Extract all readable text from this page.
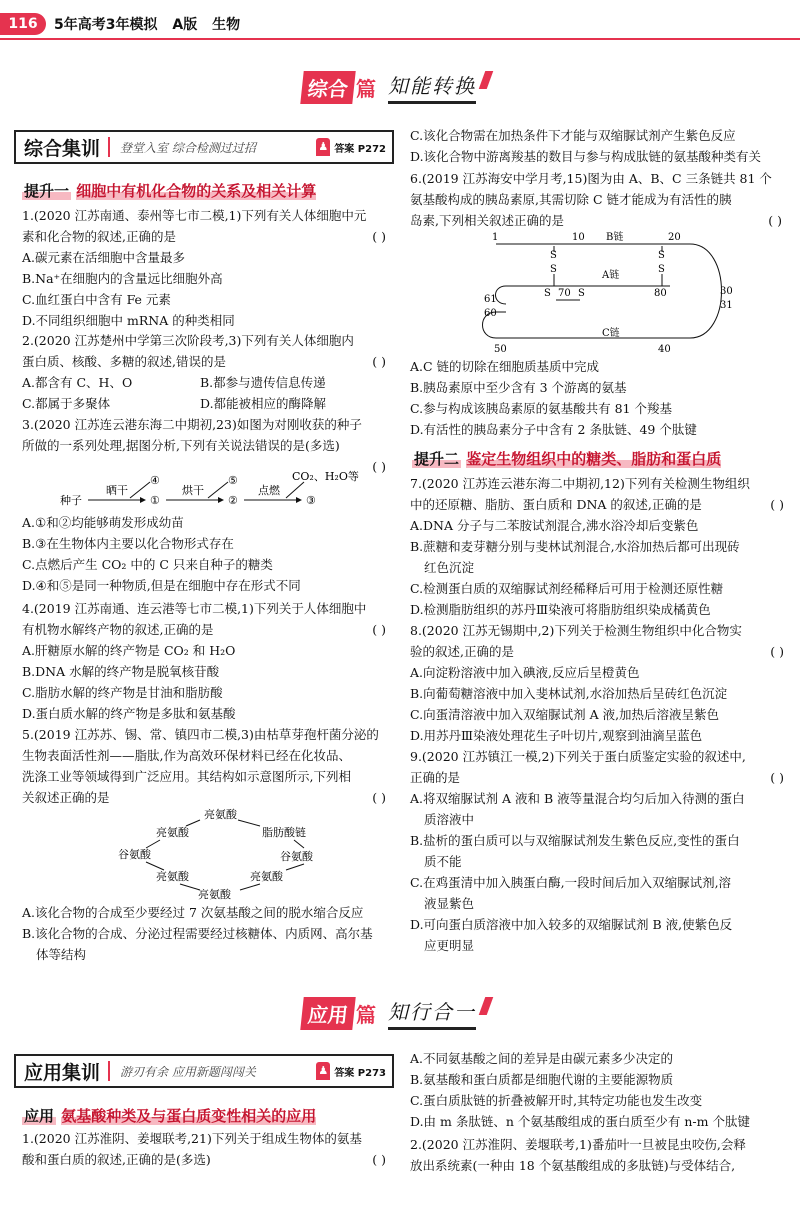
116	5年高考3年模拟 A版 生物
综合 篇 知能转换
综合集训	登堂入室 综合检测过过招	♟ 答案 P272
提升一 细胞中有机化合物的关系及相关计算

1.(2020 江苏南通、泰州等七市二模,1)下列有关人体细胞中元

素和化合物的叙述,正确的是	( )

A.碳元素在活细胞中含量最多

B.Na⁺在细胞内的含量远比细胞外高

C.血红蛋白中含有 Fe 元素

D.不同组织细胞中 mRNA 的种类相同

2.(2020 江苏楚州中学第三次阶段考,3)下列有关人体细胞内

蛋白质、核酸、多糖的叙述,错误的是	( )

A.都含有 C、H、O	B.都参与遗传信息传递

C.都属于多聚体	D.都能被相应的酶降解

3.(2020 江苏连云港东海二中期初,23)如图为对刚收获的种子

所做的一系列处理,据图分析,下列有关说法错误的是(多选)

( )

种子
晒干
④
①
烘干
⑤
②
点燃
CO₂、H₂O等
③

A.①和②均能够萌发形成幼苗

B.③在生物体内主要以化合物形式存在

C.点燃后产生 CO₂ 中的 C 只来自种子的糖类

D.④和⑤是同一种物质,但是在细胞中存在形式不同

4.(2019 江苏南通、连云港等七市二模,1)下列关于人体细胞中

有机物水解终产物的叙述,正确的是	( )

A.肝糖原水解的终产物是 CO₂ 和 H₂O

B.DNA 水解的终产物是脱氧核苷酸

C.脂肪水解的终产物是甘油和脂肪酸

D.蛋白质水解的终产物是多肽和氨基酸

5.(2019 江苏苏、锡、常、镇四市二模,3)由枯草芽孢杆菌分泌的

生物表面活性剂——脂肽,作为高效环保材料已经在化妆品、

洗涤工业等领域得到广泛应用。其结构如示意图所示,下列相

关叙述正确的是	( )

亮氨酸
亮氨酸	脂肪酸链
谷氨酸	谷氨酸
亮氨酸	亮氨酸
亮氨酸

A.该化合物的合成至少要经过 7 次氨基酸之间的脱水缩合反应

B.该化合物的合成、分泌过程需要经过核糖体、内质网、高尔基

体等结构

C.该化合物需在加热条件下才能与双缩脲试剂产生紫色反应

D.该化合物中游离羧基的数目与参与构成肽链的氨基酸种类有关

6.(2019 江苏海安中学月考,15)图为由 A、B、C 三条链共 81 个

氨基酸构成的胰岛素原,其需切除 C 链才能成为有活性的胰

岛素,下列相关叙述正确的是	( )

1	10 B链	20
A链
70	80
61
60
30
31
C链
50	40
S
S
S
S
S	S

A.C 链的切除在细胞质基质中完成

B.胰岛素原中至少含有 3 个游离的氨基

C.参与构成该胰岛素原的氨基酸共有 81 个羧基

D.有活性的胰岛素分子中含有 2 条肽链、49 个肽键

提升二 鉴定生物组织中的糖类、脂肪和蛋白质

7.(2020 江苏连云港东海二中期初,12)下列有关检测生物组织

中的还原糖、脂肪、蛋白质和 DNA 的叙述,正确的是	( )

A.DNA 分子与二苯胺试剂混合,沸水浴冷却后变紫色

B.蔗糖和麦芽糖分别与斐林试剂混合,水浴加热后都可出现砖

红色沉淀

C.检测蛋白质的双缩脲试剂经稀释后可用于检测还原性糖

D.检测脂肪组织的苏丹Ⅲ染液可将脂肪组织染成橘黄色

8.(2020 江苏无锡期中,2)下列关于检测生物组织中化合物实

验的叙述,正确的是	( )

A.向淀粉溶液中加入碘液,反应后呈橙黄色

B.向葡萄糖溶液中加入斐林试剂,水浴加热后呈砖红色沉淀

C.向蛋清溶液中加入双缩脲试剂 A 液,加热后溶液呈紫色

D.用苏丹Ⅲ染液处理花生子叶切片,观察到油滴呈蓝色

9.(2020 江苏镇江一模,2)下列关于蛋白质鉴定实验的叙述中,

正确的是	( )

A.将双缩脲试剂 A 液和 B 液等量混合均匀后加入待测的蛋白

质溶液中

B.盐析的蛋白质可以与双缩脲试剂发生紫色反应,变性的蛋白

质不能

C.在鸡蛋清中加入胰蛋白酶,一段时间后加入双缩脲试剂,溶

液显紫色

D.可向蛋白质溶液中加入较多的双缩脲试剂 B 液,使紫色反

应更明显

应用 篇 知行合一
应用集训	游刃有余 应用新题闯闯关	♟ 答案 P273
应用 氨基酸种类及与蛋白质变性相关的应用

1.(2020 江苏淮阴、姜堰联考,21)下列关于组成生物体的氨基

酸和蛋白质的叙述,正确的是(多选)	( )

A.不同氨基酸之间的差异是由碳元素多少决定的

B.氨基酸和蛋白质都是细胞代谢的主要能源物质

C.蛋白质肽链的折叠被解开时,其特定功能也发生改变

D.由 m 条肽链、n 个氨基酸组成的蛋白质至少有 n-m 个肽键

2.(2020 江苏淮阴、姜堰联考,1)番茄叶一旦被昆虫咬伤,会释

放出系统素(一种由 18 个氨基酸组成的多肽链)与受体结合,
